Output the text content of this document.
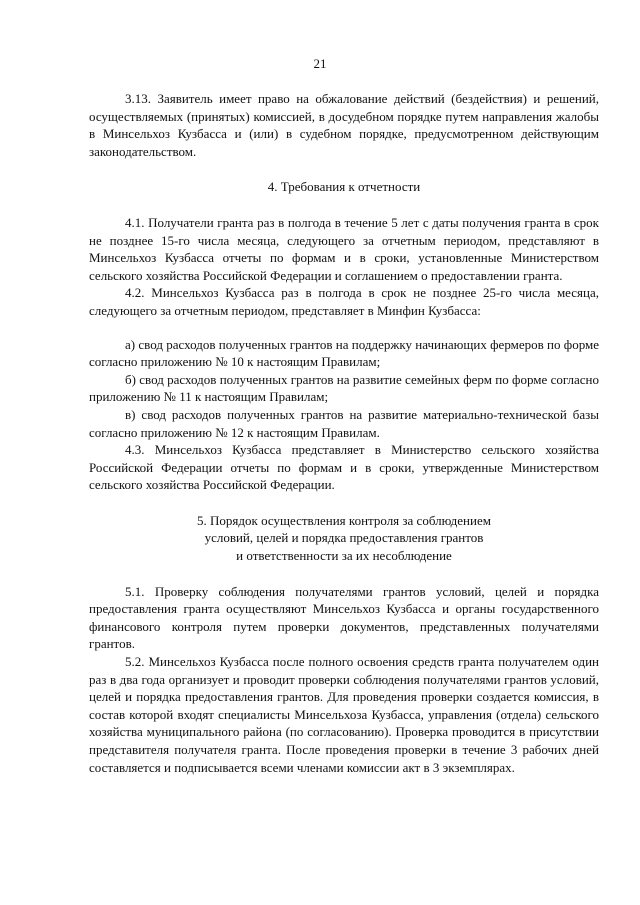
21

3.13. Заявитель имеет право на обжалование действий (бездействия) и решений, осуществляемых (принятых) комиссией, в досудебном порядке путем направления жалобы в Минсельхоз Кузбасса и (или) в судебном порядке, предусмотренном действующим законодательством.

4. Требования к отчетности

4.1. Получатели гранта раз в полгода в течение 5 лет с даты получения гранта в срок не позднее 15-го числа месяца, следующего за отчетным периодом, представляют в Минсельхоз Кузбасса отчеты по формам и в сроки, установленные Министерством сельского хозяйства Российской Федерации и соглашением о предоставлении гранта.

4.2. Минсельхоз Кузбасса раз в полгода в срок не позднее 25-го числа месяца, следующего за отчетным периодом, представляет в Минфин Кузбасса:

а) свод расходов полученных грантов на поддержку начинающих фермеров по форме согласно приложению № 10 к настоящим Правилам;

б) свод расходов полученных грантов на развитие семейных ферм по форме согласно приложению № 11 к настоящим Правилам;

в) свод расходов полученных грантов на развитие материально-технической базы согласно приложению № 12 к настоящим Правилам.

4.3. Минсельхоз Кузбасса представляет в Министерство сельского хозяйства Российской Федерации отчеты по формам и в сроки, утвержденные Министерством сельского хозяйства Российской Федерации.

5. Порядок осуществления контроля за соблюдением

условий, целей и порядка предоставления грантов

и ответственности за их несоблюдение

5.1. Проверку соблюдения получателями грантов условий, целей и порядка предоставления гранта осуществляют Минсельхоз Кузбасса и органы государственного финансового контроля путем проверки документов, представленных получателями грантов.

5.2. Минсельхоз Кузбасса после полного освоения средств гранта получателем один раз в два года организует и проводит проверки соблюдения получателями грантов условий, целей и порядка предоставления грантов. Для проведения проверки создается комиссия, в состав которой входят специалисты Минсельхоза Кузбасса, управления (отдела) сельского хозяйства муниципального района (по согласованию). Проверка проводится в присутствии представителя получателя гранта. После проведения проверки в течение 3 рабочих дней составляется и подписывается всеми членами комиссии акт в 3 экземплярах.
